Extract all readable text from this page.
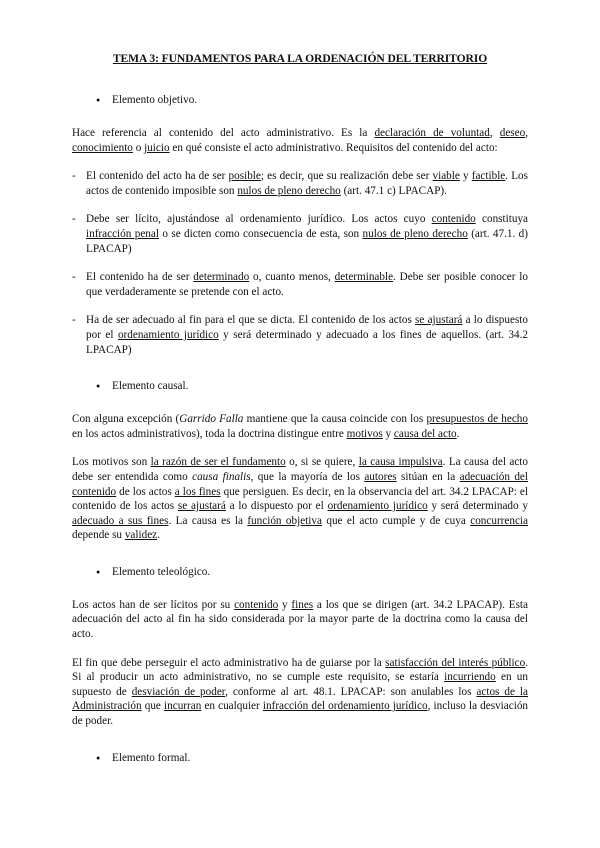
TEMA 3: FUNDAMENTOS PARA LA ORDENACIÓN DEL TERRITORIO
● Elemento objetivo.

Hace referencia al contenido del acto administrativo. Es la declaración de voluntad, deseo, conocimiento o juicio en qué consiste el acto administrativo. Requisitos del contenido del acto:

- El contenido del acto ha de ser posible; es decir, que su realización debe ser viable y factible. Los actos de contenido imposible son nulos de pleno derecho (art. 47.1 c) LPACAP).
- Debe ser lícito, ajustándose al ordenamiento jurídico. Los actos cuyo contenido constituya infracción penal o se dicten como consecuencia de esta, son nulos de pleno derecho (art. 47.1. d) LPACAP)
- El contenido ha de ser determinado o, cuanto menos, determinable. Debe ser posible conocer lo que verdaderamente se pretende con el acto.
- Ha de ser adecuado al fin para el que se dicta. El contenido de los actos se ajustará a lo dispuesto por el ordenamiento jurídico y será determinado y adecuado a los fines de aquellos. (art. 34.2 LPACAP)
● Elemento causal.

Con alguna excepción (Garrido Falla mantiene que la causa coincide con los presupuestos de hecho en los actos administrativos), toda la doctrina distingue entre motivos y causa del acto.

Los motivos son la razón de ser el fundamento o, si se quiere, la causa impulsiva. La causa del acto debe ser entendida como causa finalis, que la mayoría de los autores sitúan en la adecuación del contenido de los actos a los fines que persiguen. Es decir, en la observancia del art. 34.2 LPACAP: el contenido de los actos se ajustará a lo dispuesto por el ordenamiento jurídico y será determinado y adecuado a sus fines. La causa es la función objetiva que el acto cumple y de cuya concurrencia depende su validez.

● Elemento teleológico.

Los actos han de ser lícitos por su contenido y fines a los que se dirigen (art. 34.2 LPACAP). Esta adecuación del acto al fin ha sido considerada por la mayor parte de la doctrina como la causa del acto.

El fin que debe perseguir el acto administrativo ha de guiarse por la satisfacción del interés público. Si al producir un acto administrativo, no se cumple este requisito, se estaría incurriendo en un supuesto de desviación de poder, conforme al art. 48.1. LPACAP: son anulables los actos de la Administración que incurran en cualquier infracción del ordenamiento jurídico, incluso la desviación de poder.

● Elemento formal.
